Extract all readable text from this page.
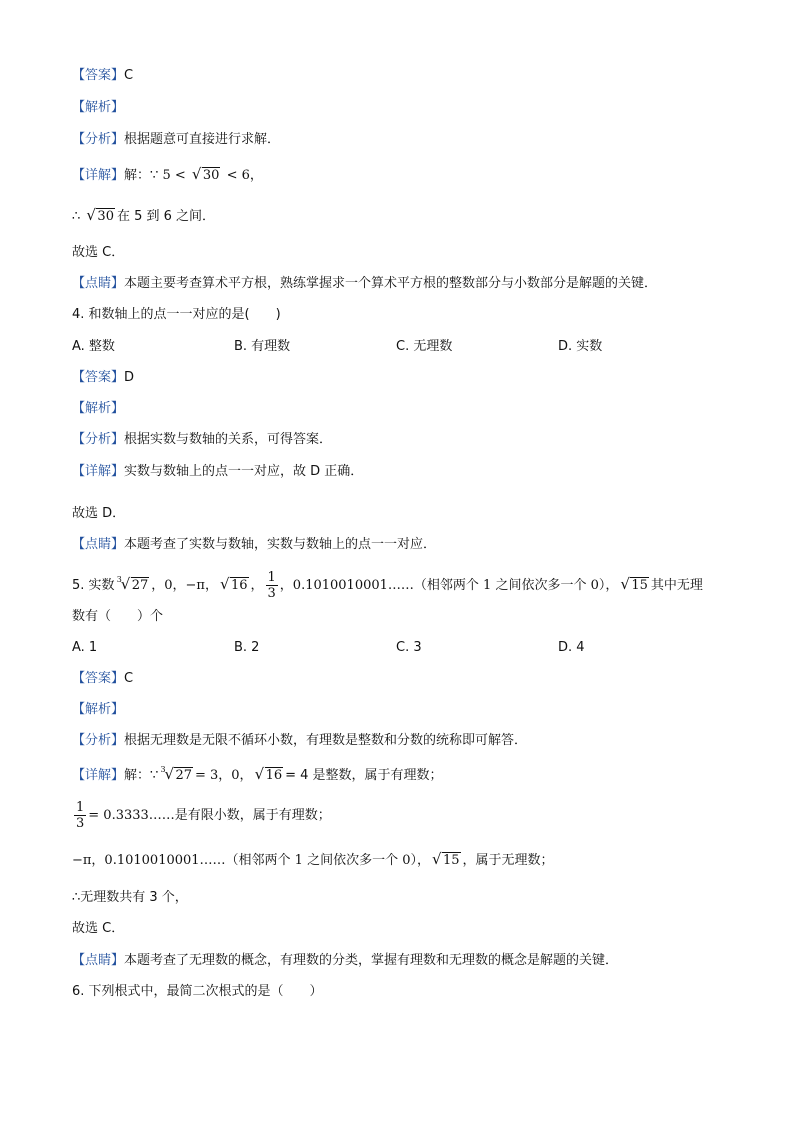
【答案】C
【解析】
【分析】根据题意可直接进行求解．
【详解】解：∵ 5 < √ 30 < 6，
∴ √ 30 在 5 到 6 之间．
故选 C．
【点睛】本题主要考查算术平方根，熟练掌握求一个算术平方根的整数部分与小数部分是解题的关键．
4. 和数轴上的点一一对应的是(　　)
A. 整数	B. 有理数	C. 无理数	D. 实数
【答案】D
【解析】
【分析】根据实数与数轴的关系，可得答案．
【详解】实数与数轴上的点一一对应，故 D 正确．
故选 D．
【点睛】本题考查了实数与数轴，实数与数轴上的点一一对应．
5. 实数 √ 3 27 ，0，−π， √ 16 ， $\frac{1}{3}$ ，0.1010010001……（相邻两个 1 之间依次多一个 0）， √ 15 其中无理
数有（　　）个
A. 1	B. 2	C. 3	D. 4
【答案】C
【解析】
【分析】根据无理数是无限不循环小数，有理数是整数和分数的统称即可解答．
【详解】解：∵ √ 3 27 = 3，0， √ 16 = 4 是整数，属于有理数；
$\frac{1}{3}$ = 0.3333……是有限小数，属于有理数；
−π，0.1010010001……（相邻两个 1 之间依次多一个 0）， √ 15 ，属于无理数；
∴无理数共有 3 个，
故选 C．
【点睛】本题考查了无理数的概念，有理数的分类，掌握有理数和无理数的概念是解题的关键．
6. 下列根式中，最简二次根式的是（　　）
